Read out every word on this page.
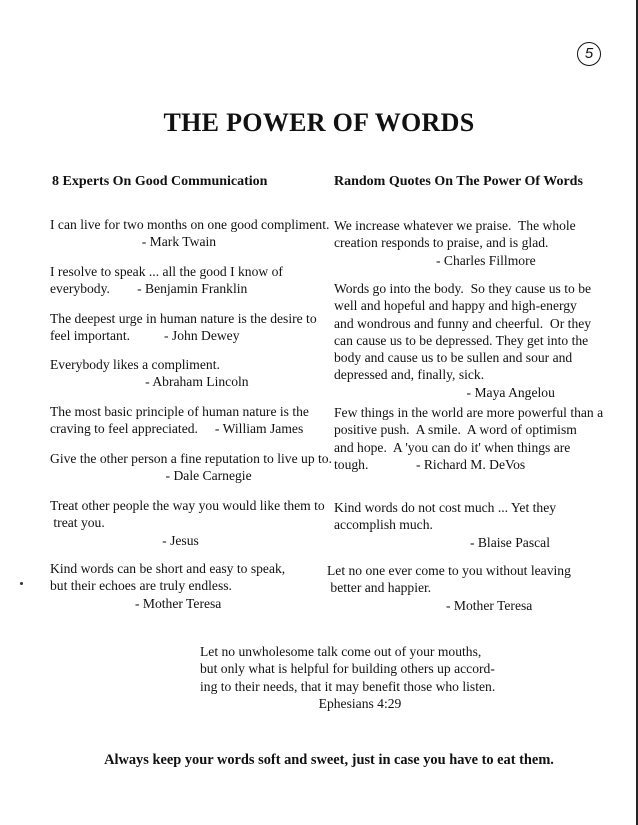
5
THE POWER OF WORDS
8 Experts On Good Communication	Random Quotes On The Power Of Words
I can live for two months on one good compliment.
- Mark Twain
I resolve to speak ... all the good I know of
everybody.        - Benjamin Franklin
The deepest urge in human nature is the desire to
feel important.          - John Dewey
Everybody likes a compliment.
- Abraham Lincoln
The most basic principle of human nature is the
craving to feel appreciated.     - William James
Give the other person a fine reputation to live up to.
- Dale Carnegie
Treat other people the way you would like them to
treat you.
- Jesus
Kind words can be short and easy to speak,
but their echoes are truly endless.
- Mother Teresa
We increase whatever we praise.  The whole
creation responds to praise, and is glad.
- Charles Fillmore
Words go into the body.  So they cause us to be
well and hopeful and happy and high-energy
and wondrous and funny and cheerful.  Or they
can cause us to be depressed. They get into the
body and cause us to be sullen and sour and
depressed and, finally, sick.
- Maya Angelou
Few things in the world are more powerful than a
positive push.  A smile.  A word of optimism
and hope.  A 'you can do it' when things are
tough.              - Richard M. DeVos
Kind words do not cost much ... Yet they
accomplish much.
- Blaise Pascal
Let no one ever come to you without leaving
better and happier.
- Mother Teresa
Let no unwholesome talk come out of your mouths,
but only what is helpful for building others up accord-
ing to their needs, that it may benefit those who listen.
Ephesians 4:29
Always keep your words soft and sweet, just in case you have to eat them.
